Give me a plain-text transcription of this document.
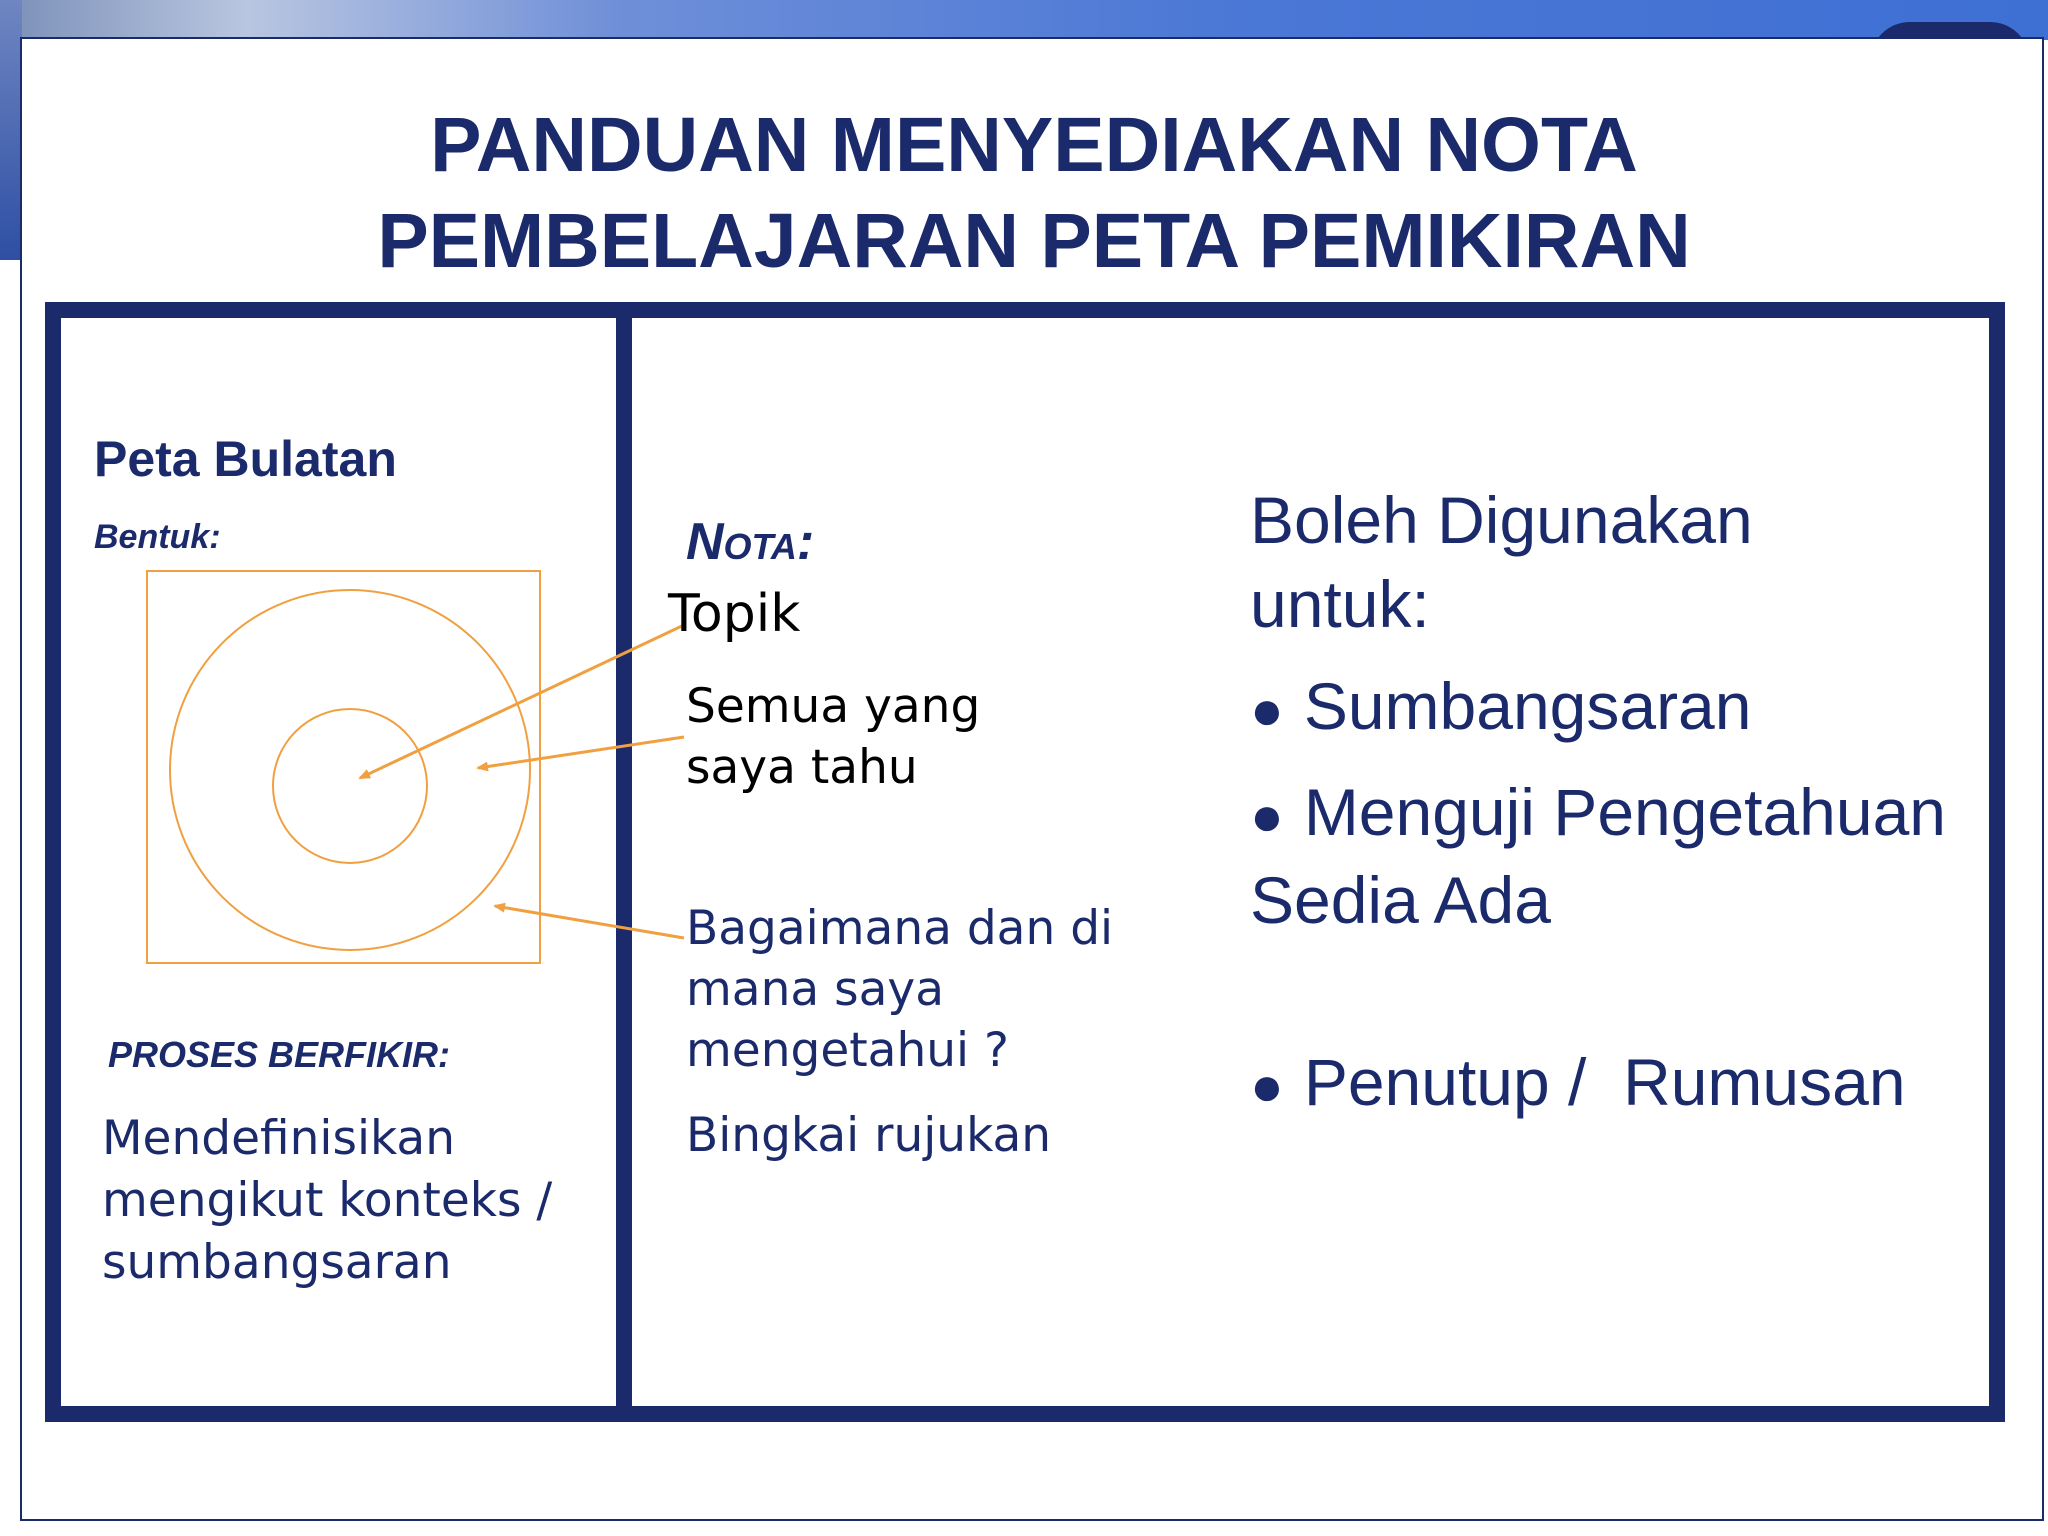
PANDUAN MENYEDIAKAN NOTA
PEMBELAJARAN PETA PEMIKIRAN
Peta Bulatan
Bentuk:
PROSES BERFIKIR:
Mendefinisikan mengikut konteks / sumbangsaran
Nota:
Topik
Semua yang saya tahu
Bagaimana dan di mana saya mengetahui ?
Bingkai rujukan
Boleh Digunakan untuk:
● Sumbangsaran
● Menguji Pengetahuan Sedia Ada
● Penutup /  Rumusan
